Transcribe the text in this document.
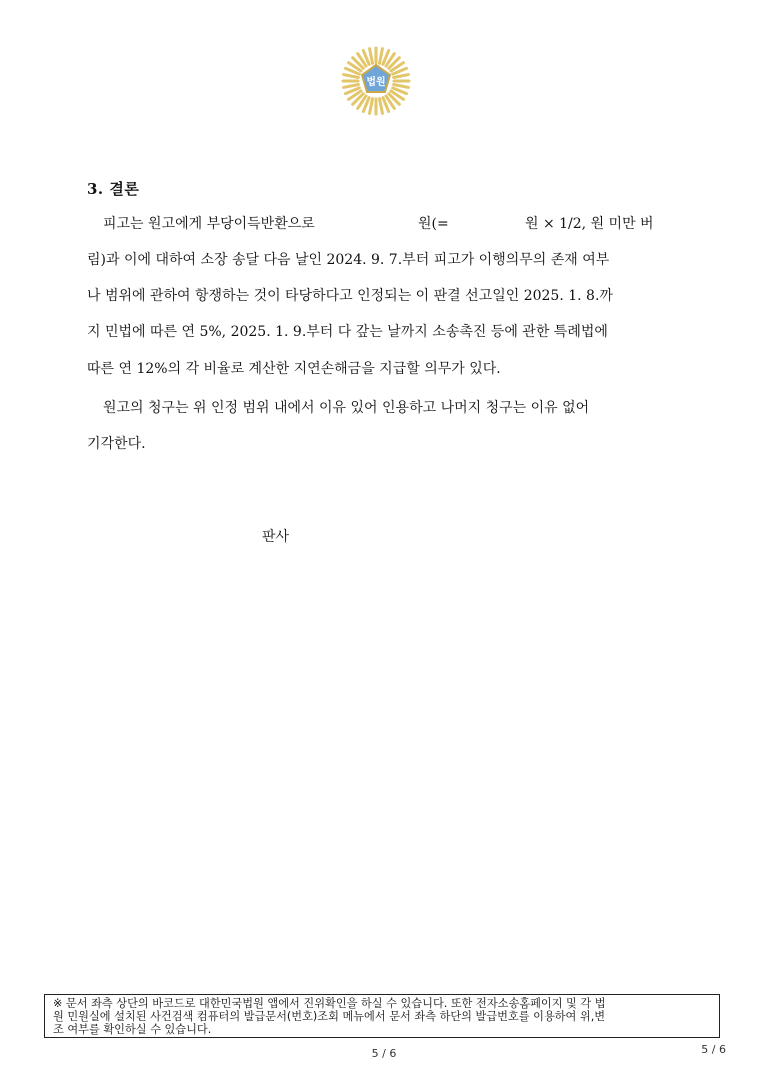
법원
3. 결론
피고는 원고에게 부당이득반환으로	원(=	원 × 1/2, 원 미만 버
림)과 이에 대하여 소장 송달 다음 날인 2024. 9. 7.부터 피고가 이행의무의 존재 여부
나 범위에 관하여 항쟁하는 것이 타당하다고 인정되는 이 판결 선고일인 2025. 1. 8.까
지 민법에 따른 연 5%, 2025. 1. 9.부터 다 갚는 날까지 소송촉진 등에 관한 특례법에
따른 연 12%의 각 비율로 계산한 지연손해금을 지급할 의무가 있다.
원고의 청구는 위 인정 범위 내에서 이유 있어 인용하고 나머지 청구는 이유 없어
기각한다.
판사
※ 문서 좌측 상단의 바코드로 대한민국법원 앱에서 진위확인을 하실 수 있습니다. 또한 전자소송홈페이지 및 각 법
원 민원실에 설치된 사건검색 컴퓨터의 발급문서(번호)조회 메뉴에서 문서 좌측 하단의 발급번호를 이용하여 위,변
조 여부를 확인하실 수 있습니다.
5 / 6	5 / 6
